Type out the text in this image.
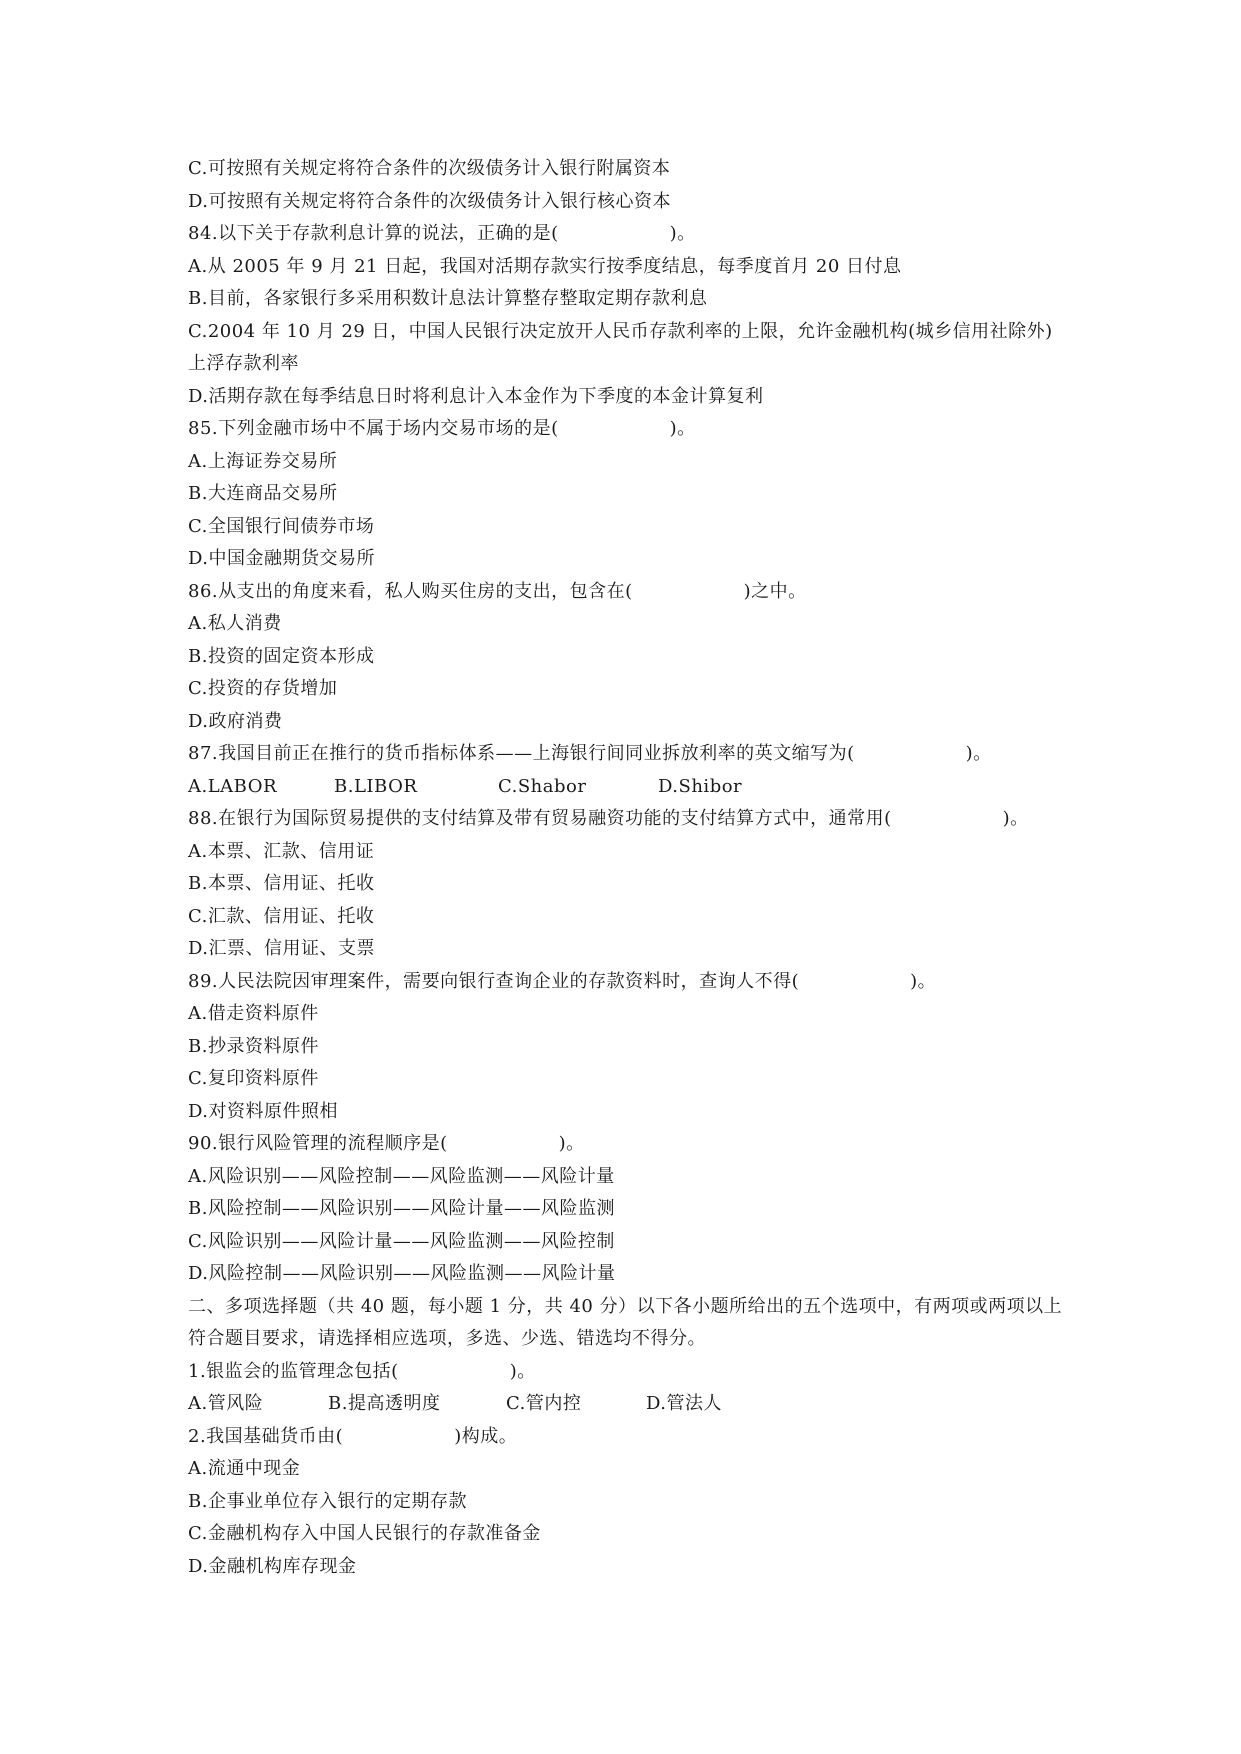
C.可按照有关规定将符合条件的次级债务计入银行附属资本
D.可按照有关规定将符合条件的次级债务计入银行核心资本
84.以下关于存款利息计算的说法，正确的是(　　　　　　)。
A.从 2005 年 9 月 21 日起，我国对活期存款实行按季度结息，每季度首月 20 日付息
B.目前，各家银行多采用积数计息法计算整存整取定期存款利息
C.2004 年 10 月 29 日，中国人民银行决定放开人民币存款利率的上限，允许金融机构(城乡信用社除外)上浮存款利率
D.活期存款在每季结息日时将利息计入本金作为下季度的本金计算复利
85.下列金融市场中不属于场内交易市场的是(　　　　　　)。
A.上海证券交易所
B.大连商品交易所
C.全国银行间债券市场
D.中国金融期货交易所
86.从支出的角度来看，私人购买住房的支出，包含在(　　　　　　)之中。
A.私人消费
B.投资的固定资本形成
C.投资的存货增加
D.政府消费
87.我国目前正在推行的货币指标体系——上海银行间同业拆放利率的英文缩写为(　　　　　　)。
A.LABOR	B.LIBOR	C.Shabor	D.Shibor
88.在银行为国际贸易提供的支付结算及带有贸易融资功能的支付结算方式中，通常用(　　　　　　)。
A.本票、汇款、信用证
B.本票、信用证、托收
C.汇款、信用证、托收
D.汇票、信用证、支票
89.人民法院因审理案件，需要向银行查询企业的存款资料时，查询人不得(　　　　　　)。
A.借走资料原件
B.抄录资料原件
C.复印资料原件
D.对资料原件照相
90.银行风险管理的流程顺序是(　　　　　　)。
A.风险识别——风险控制——风险监测——风险计量
B.风险控制——风险识别——风险计量——风险监测
C.风险识别——风险计量——风险监测——风险控制
D.风险控制——风险识别——风险监测——风险计量
二、多项选择题（共 40 题，每小题 1 分，共 40 分）以下各小题所给出的五个选项中，有两项或两项以上符合题目要求，请选择相应选项，多选、少选、错选均不得分。
1.银监会的监管理念包括(　　　　　　)。
A.管风险	B.提高透明度	C.管内控	D.管法人
2.我国基础货币由(　　　　　　)构成。
A.流通中现金
B.企事业单位存入银行的定期存款
C.金融机构存入中国人民银行的存款准备金
D.金融机构库存现金
